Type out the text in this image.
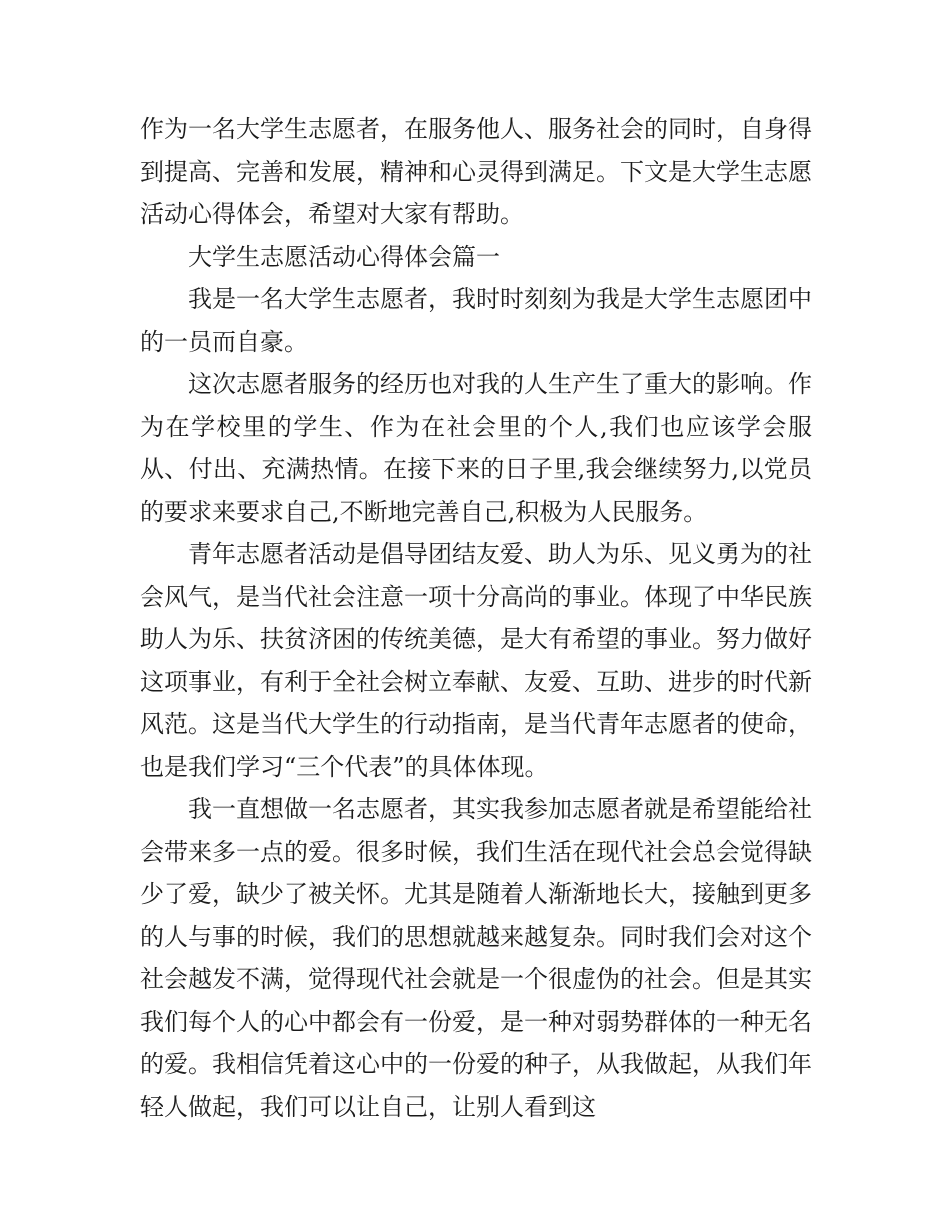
作为一名大学生志愿者，在服务他人、服务社会的同时，自身得到提高、完善和发展，精神和心灵得到满足。下文是大学生志愿活动心得体会，希望对大家有帮助。

大学生志愿活动心得体会篇一

我是一名大学生志愿者，我时时刻刻为我是大学生志愿团中的一员而自豪。

这次志愿者服务的经历也对我的人生产生了重大的影响。作为在学校里的学生、作为在社会里的个人,我们也应该学会服从、付出、充满热情。在接下来的日子里,我会继续努力,以党员的要求来要求自己,不断地完善自己,积极为人民服务。

青年志愿者活动是倡导团结友爱、助人为乐、见义勇为的社会风气，是当代社会注意一项十分高尚的事业。体现了中华民族助人为乐、扶贫济困的传统美德，是大有希望的事业。努力做好这项事业，有利于全社会树立奉献、友爱、互助、进步的时代新风范。这是当代大学生的行动指南，是当代青年志愿者的使命，也是我们学习“三个代表”的具体体现。

我一直想做一名志愿者，其实我参加志愿者就是希望能给社会带来多一点的爱。很多时候，我们生活在现代社会总会觉得缺少了爱，缺少了被关怀。尤其是随着人渐渐地长大，接触到更多的人与事的时候，我们的思想就越来越复杂。同时我们会对这个社会越发不满，觉得现代社会就是一个很虚伪的社会。但是其实我们每个人的心中都会有一份爱，是一种对弱势群体的一种无名的爱。我相信凭着这心中的一份爱的种子，从我做起，从我们年轻人做起，我们可以让自己，让别人看到这
